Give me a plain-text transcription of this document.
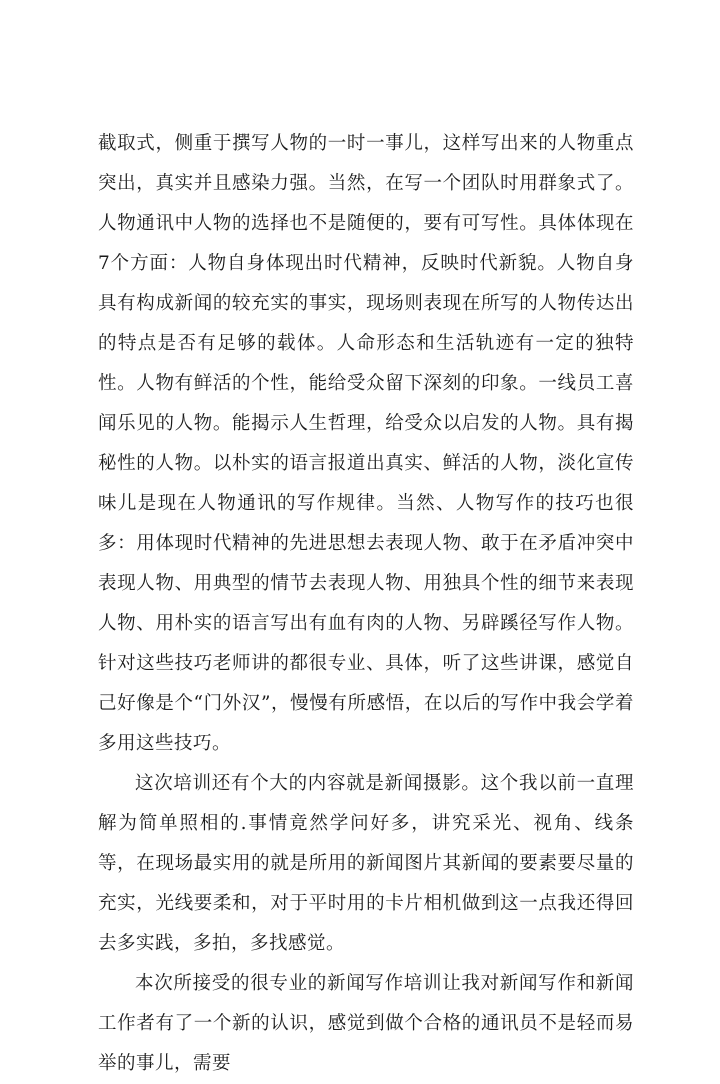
截取式，侧重于撰写人物的一时一事儿，这样写出来的人物重点突出，真实并且感染力强。当然，在写一个团队时用群象式了。人物通讯中人物的选择也不是随便的，要有可写性。具体体现在7个方面：人物自身体现出时代精神，反映时代新貌。人物自身具有构成新闻的较充实的事实，现场则表现在所写的人物传达出的特点是否有足够的载体。人命形态和生活轨迹有一定的独特性。人物有鲜活的个性，能给受众留下深刻的印象。一线员工喜闻乐见的人物。能揭示人生哲理，给受众以启发的人物。具有揭秘性的人物。以朴实的语言报道出真实、鲜活的人物，淡化宣传味儿是现在人物通讯的写作规律。当然、人物写作的技巧也很多：用体现时代精神的先进思想去表现人物、敢于在矛盾冲突中表现人物、用典型的情节去表现人物、用独具个性的细节来表现人物、用朴实的语言写出有血有肉的人物、另辟蹊径写作人物。针对这些技巧老师讲的都很专业、具体，听了这些讲课，感觉自己好像是个“门外汉”，慢慢有所感悟，在以后的写作中我会学着多用这些技巧。

这次培训还有个大的内容就是新闻摄影。这个我以前一直理解为简单照相的.事情竟然学问好多，讲究采光、视角、线条等，在现场最实用的就是所用的新闻图片其新闻的要素要尽量的充实，光线要柔和，对于平时用的卡片相机做到这一点我还得回去多实践，多拍，多找感觉。

本次所接受的很专业的新闻写作培训让我对新闻写作和新闻工作者有了一个新的认识，感觉到做个合格的通讯员不是轻而易举的事儿，需要
